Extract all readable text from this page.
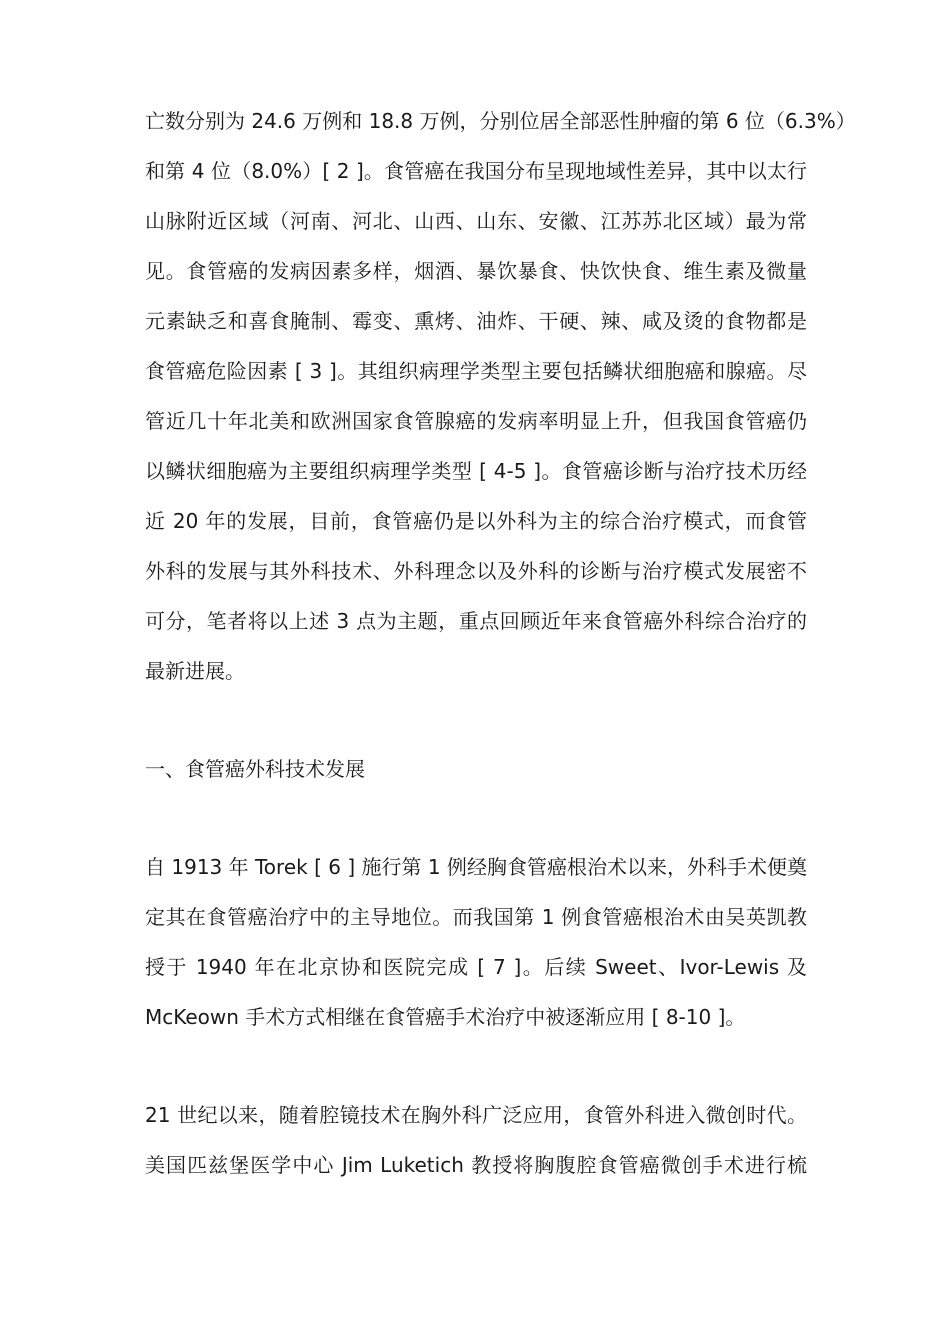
亡数分别为 24.6 万例和 18.8 万例，分别位居全部恶性肿瘤的第 6 位（6.3%）
和第 4 位（8.0%）[ 2 ]。食管癌在我国分布呈现地域性差异，其中以太行
山脉附近区域（河南、河北、山西、山东、安徽、江苏苏北区域）最为常
见。食管癌的发病因素多样，烟酒、暴饮暴食、快饮快食、维生素及微量
元素缺乏和喜食腌制、霉变、熏烤、油炸、干硬、辣、咸及烫的食物都是
食管癌危险因素 [ 3 ]。其组织病理学类型主要包括鳞状细胞癌和腺癌。尽
管近几十年北美和欧洲国家食管腺癌的发病率明显上升，但我国食管癌仍
以鳞状细胞癌为主要组织病理学类型 [ 4-5 ]。食管癌诊断与治疗技术历经
近 20 年的发展，目前，食管癌仍是以外科为主的综合治疗模式，而食管
外科的发展与其外科技术、外科理念以及外科的诊断与治疗模式发展密不
可分，笔者将以上述 3 点为主题，重点回顾近年来食管癌外科综合治疗的
最新进展。
一、食管癌外科技术发展
自 1913 年 Torek [ 6 ] 施行第 1 例经胸食管癌根治术以来，外科手术便奠
定其在食管癌治疗中的主导地位。而我国第 1 例食管癌根治术由吴英凯教
授于 1940 年在北京协和医院完成 [ 7 ]。后续 Sweet、Ivor-Lewis 及
McKeown 手术方式相继在食管癌手术治疗中被逐渐应用 [ 8-10 ]。
21 世纪以来，随着腔镜技术在胸外科广泛应用，食管外科进入微创时代。
美国匹兹堡医学中心 Jim Luketich 教授将胸腹腔食管癌微创手术进行梳
